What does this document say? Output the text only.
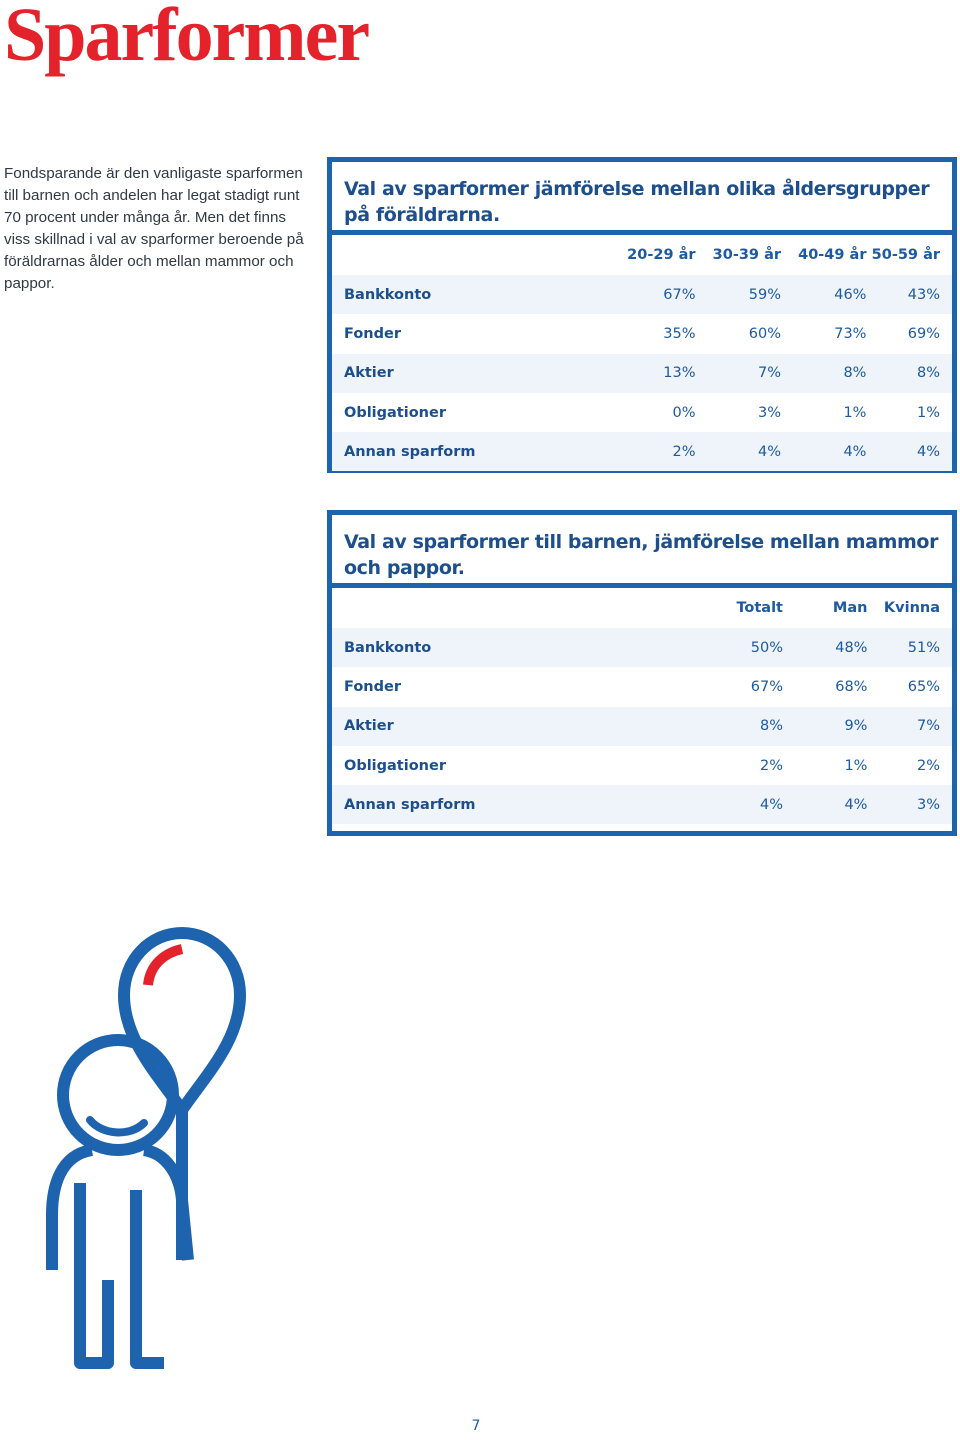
Sparformer

Fondsparande är den vanligaste sparformen till barnen och andelen har legat stadigt runt 70 procent under många år. Men det finns viss skillnad i val av sparformer beroende på föräldrarnas ålder och mellan mammor och pappor.

Val av sparformer jämförelse mellan olika åldersgrupper på föräldrarna.
	20-29 år	30-39 år	40-49 år	50-59 år
Bankkonto	67%	59%	46%	43%
Fonder	35%	60%	73%	69%
Aktier	13%	7%	8%	8%
Obligationer	0%	3%	1%	1%
Annan sparform	2%	4%	4%	4%
Val av sparformer till barnen, jämförelse mellan mammor och pappor.
	Totalt	Man	Kvinna
Bankkonto	50%	48%	51%
Fonder	67%	68%	65%
Aktier	8%	9%	7%
Obligationer	2%	1%	2%
Annan sparform	4%	4%	3%
7
